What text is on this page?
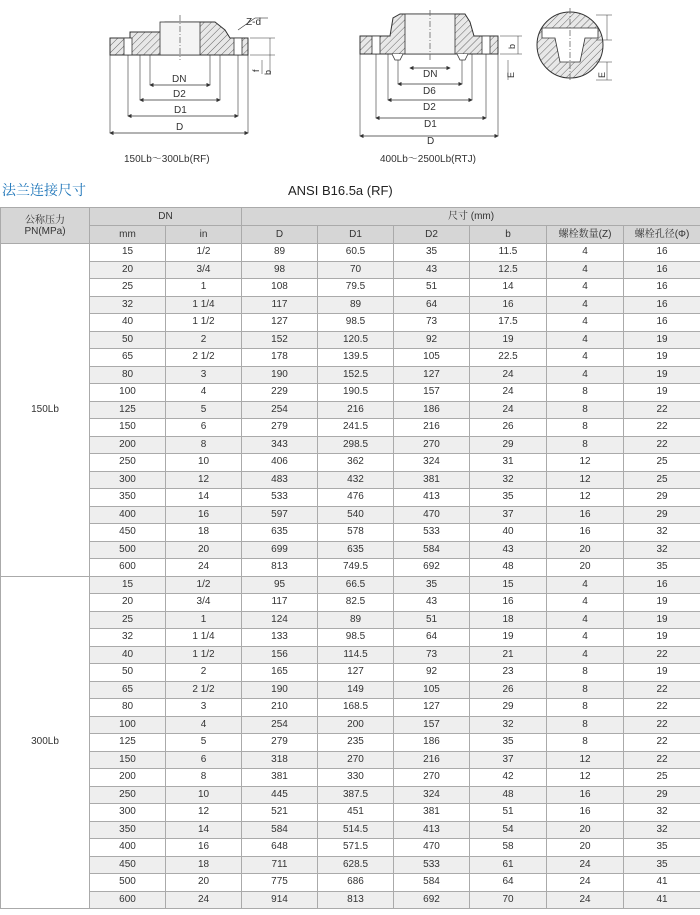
Z-d
f b
DN
D2
D1
D
150Lb～300Lb(RF)
b
E
DN
D6
D2
D1
D
400Lb～2500Lb(RTJ)
E
法兰连接尺寸	ANSI B16.5a (RF)
公称压力
PN(MPa)	DN		尺寸 (mm)					
	mm	in	D	D1	D2	b	螺栓数量(Z)	螺栓孔径(Φ)
150Lb	15	1/2	89	60.5	35	11.5	4	16
	20	3/4	98	70	43	12.5	4	16
	25	1	108	79.5	51	14	4	16
	32	1 1/4	117	89	64	16	4	16
	40	1 1/2	127	98.5	73	17.5	4	16
	50	2	152	120.5	92	19	4	19
	65	2 1/2	178	139.5	105	22.5	4	19
	80	3	190	152.5	127	24	4	19
	100	4	229	190.5	157	24	8	19
	125	5	254	216	186	24	8	22
	150	6	279	241.5	216	26	8	22
	200	8	343	298.5	270	29	8	22
	250	10	406	362	324	31	12	25
	300	12	483	432	381	32	12	25
	350	14	533	476	413	35	12	29
	400	16	597	540	470	37	16	29
	450	18	635	578	533	40	16	32
	500	20	699	635	584	43	20	32
	600	24	813	749.5	692	48	20	35
300Lb	15	1/2	95	66.5	35	15	4	16
	20	3/4	117	82.5	43	16	4	19
	25	1	124	89	51	18	4	19
	32	1 1/4	133	98.5	64	19	4	19
	40	1 1/2	156	114.5	73	21	4	22
	50	2	165	127	92	23	8	19
	65	2 1/2	190	149	105	26	8	22
	80	3	210	168.5	127	29	8	22
	100	4	254	200	157	32	8	22
	125	5	279	235	186	35	8	22
	150	6	318	270	216	37	12	22
	200	8	381	330	270	42	12	25
	250	10	445	387.5	324	48	16	29
	300	12	521	451	381	51	16	32
	350	14	584	514.5	413	54	20	32
	400	16	648	571.5	470	58	20	35
	450	18	711	628.5	533	61	24	35
	500	20	775	686	584	64	24	41
	600	24	914	813	692	70	24	41
